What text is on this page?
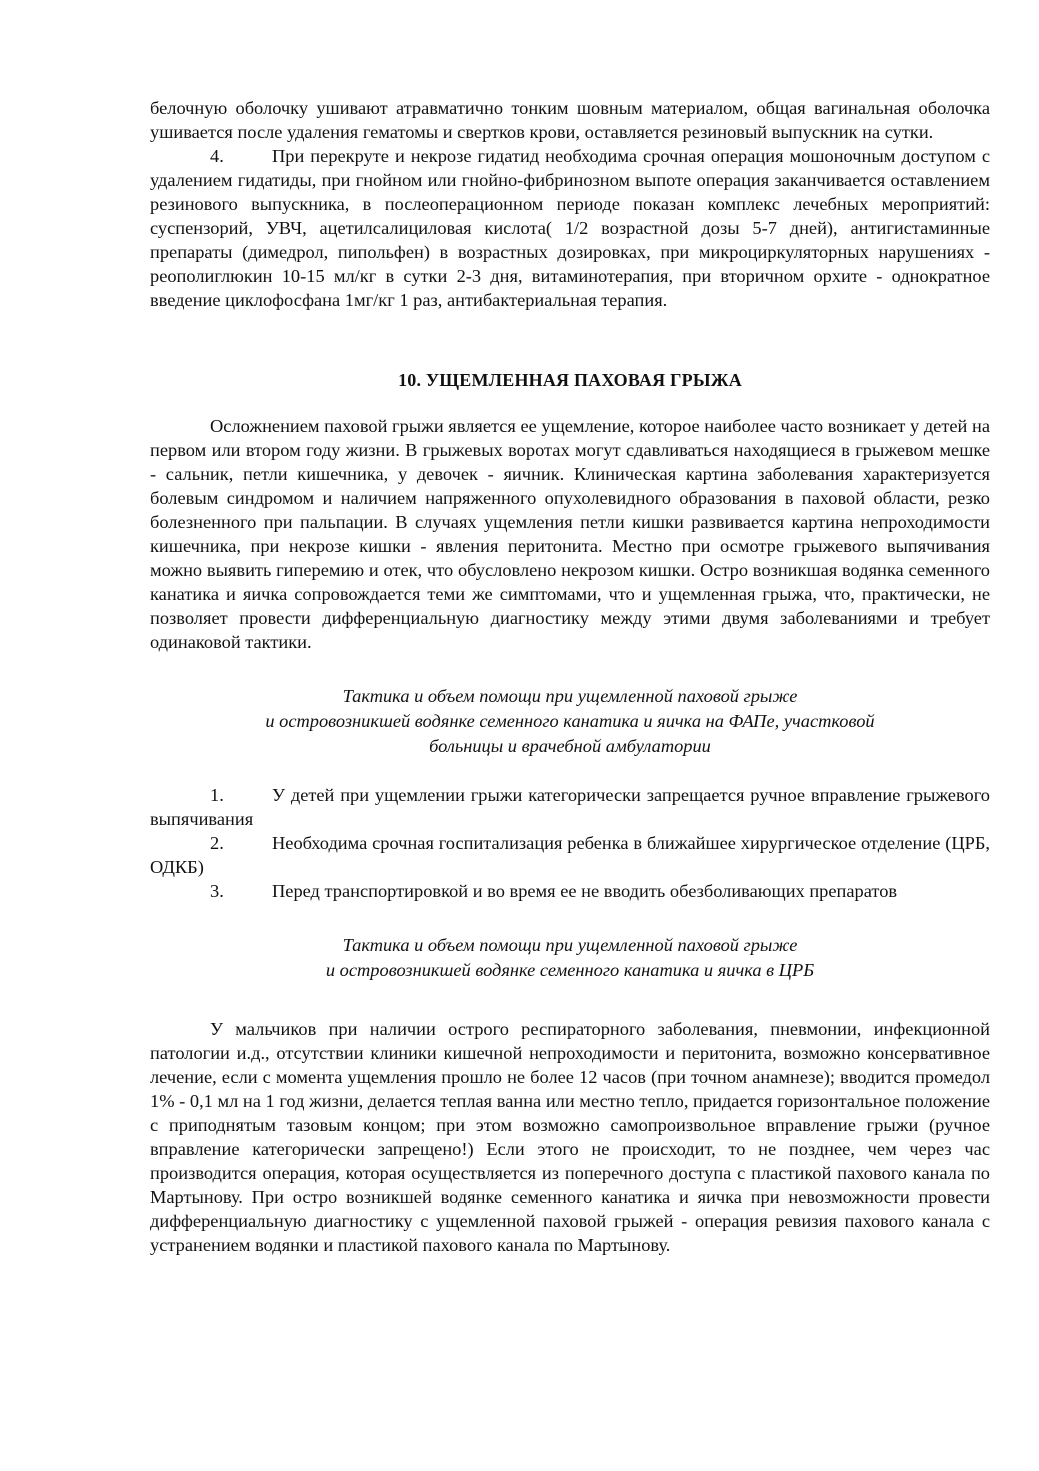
белочную оболочку ушивают атравматично тонким шовным материалом, общая вагинальная оболочка ушивается после удаления гематомы и свертков крови, оставляется резиновый выпускник на сутки.

4.	При перекруте и некрозе гидатид необходима срочная операция мошоночным доступом с удалением гидатиды, при гнойном или гнойно-фибринозном выпоте операция заканчивается оставлением резинового выпускника, в послеоперационном периоде показан комплекс лечебных мероприятий: суспензорий, УВЧ, ацетилсалициловая кислота( 1/2 возрастной дозы 5-7 дней), антигистаминные препараты (димедрол, пипольфен) в возрастных дозировках, при микроциркуляторных нарушениях - реополиглюкин 10-15 мл/кг в сутки 2-3 дня, витаминотерапия, при вторичном орхите - однократное введение циклофосфана 1мг/кг 1 раз, антибактериальная терапия.

10. УЩЕМЛЕННАЯ ПАХОВАЯ ГРЫЖА

Осложнением паховой грыжи является ее ущемление, которое наиболее часто возникает у детей на первом или втором году жизни. В грыжевых воротах могут сдавливаться находящиеся в грыжевом мешке - сальник, петли кишечника, у девочек - яичник. Клиническая картина заболевания характеризуется болевым синдромом и наличием напряженного опухолевидного образования в паховой области, резко болезненного при пальпации. В случаях ущемления петли кишки развивается картина непроходимости кишечника, при некрозе кишки - явления перитонита. Местно при осмотре грыжевого выпячивания можно выявить гиперемию и отек, что обусловлено некрозом кишки. Остро возникшая водянка семенного канатика и яичка сопровождается теми же симптомами, что и ущемленная грыжа, что, практически, не позволяет провести дифференциальную диагностику между этими двумя заболеваниями и требует одинаковой тактики.

Тактика и объем помощи при ущемленной паховой грыже
и островозникшей водянке семенного канатика и яичка на ФАПе, участковой
больницы и врачебной амбулатории

1.	У детей при ущемлении грыжи категорически запрещается ручное вправление грыжевого выпячивания

2.	Необходима срочная госпитализация ребенка в ближайшее хирургическое отделение (ЦРБ, ОДКБ)

3.	Перед транспортировкой и во время ее не вводить обезболивающих препаратов

Тактика и объем помощи при ущемленной паховой грыже
и островозникшей водянке семенного канатика и яичка в ЦРБ

У мальчиков при наличии острого респираторного заболевания, пневмонии, инфекционной патологии и.д., отсутствии клиники кишечной непроходимости и перитонита, возможно консервативное лечение, если с момента ущемления прошло не более 12 часов (при точном анамнезе); вводится промедол 1% - 0,1 мл на 1 год жизни, делается теплая ванна или местно тепло, придается горизонтальное положение с приподнятым тазовым концом; при этом возможно самопроизвольное вправление грыжи (ручное вправление категорически запрещено!) Если этого не происходит, то не позднее, чем через час производится операция, которая осуществляется из поперечного доступа с пластикой пахового канала по Мартынову. При остро возникшей водянке семенного канатика и яичка при невозможности провести дифференциальную диагностику с ущемленной паховой грыжей - операция ревизия пахового канала с устранением водянки и пластикой пахового канала по Мартынову.
